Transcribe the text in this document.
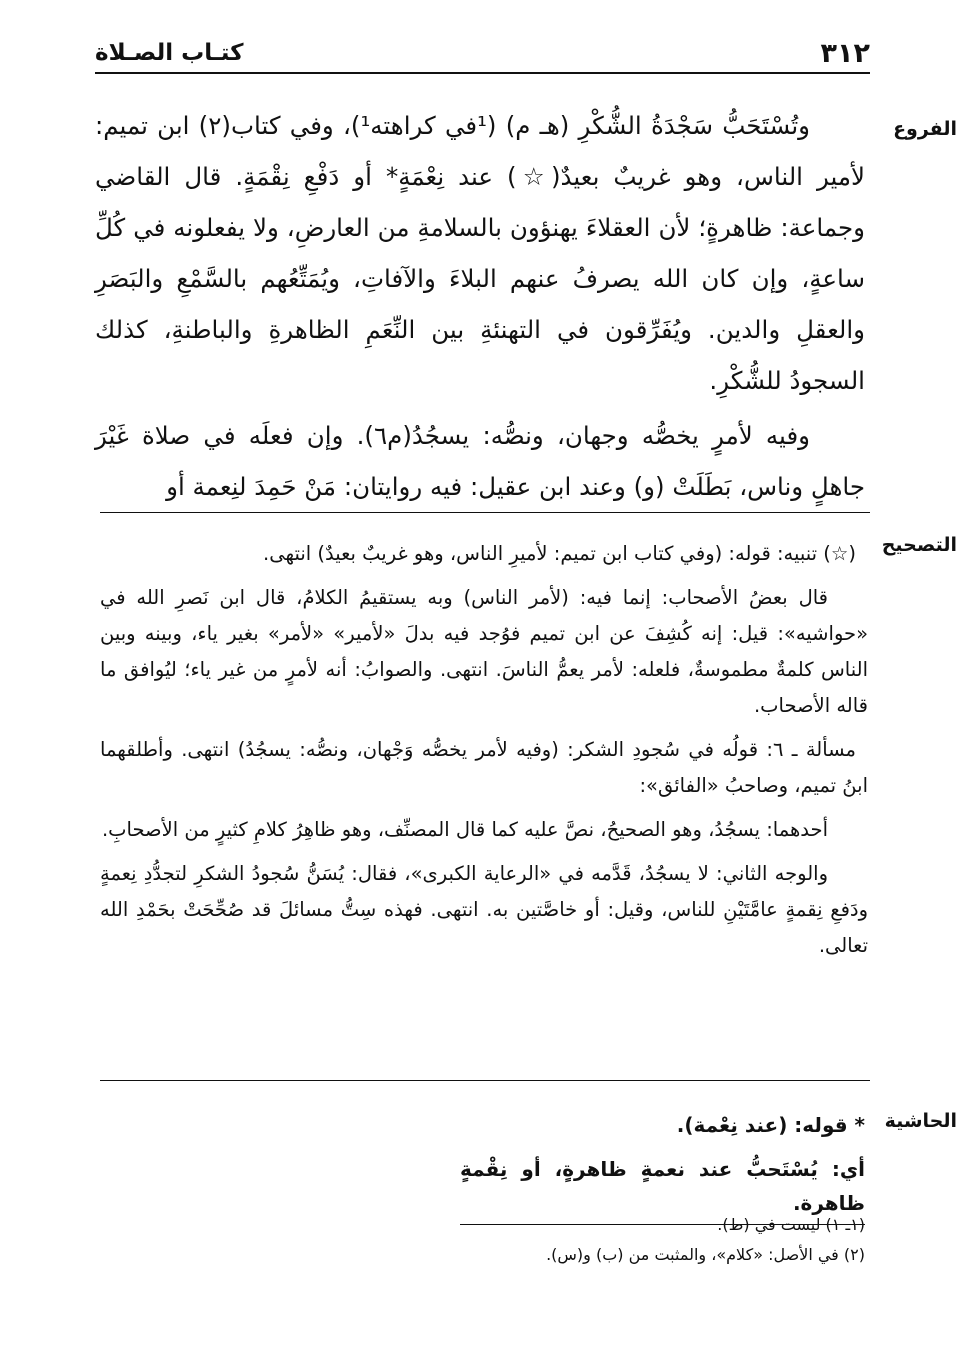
٣١٢
كتـاب الصـلاة
الفروع

وتُسْتَحَبُّ سَجْدَةُ الشُّكْرِ (هـ م) (¹في كراهته¹)، وفي كتاب(٢) ابن تميم: لأمير الناس، وهو غريبٌ بعيدٌ(☆) عند نِعْمَةٍ* أو دَفْعِ نِقْمَةٍ. قال القاضي وجماعة: ظاهرةٍ؛ لأن العقلاءَ يهنؤون بالسلامةِ من العارضِ، ولا يفعلونه في كُلِّ ساعةٍ، وإن كان الله يصرفُ عنهم البلاءَ والآفاتِ، ويُمَتِّعُهم بالسَّمْعِ والبَصَرِ والعقلِ والدين. ويُفَرِّقون في التهنئةِ بين النِّعَمِ الظاهرةِ والباطنةِ، كذلك السجودُ للشُّكْرِ.

وفيه لأمرٍ يخصُّه وجهان، ونصُّه: يسجُدُ(م٦). وإن فعلَه في صلاة غَيْرَ جاهلٍ وناس، بَطَلَتْ (و) وعند ابن عقيل: فيه روايتان: مَنْ حَمِدَ لنِعمة أو

التصحيح

(☆) تنبيه: قوله: (وفي كتاب ابن تميم: لأميرِ الناس، وهو غريبٌ بعيدٌ) انتهى.

قال بعضُ الأصحاب: إنما فيه: (لأمر الناس) وبه يستقيمُ الكلامُ، قال ابن نَصرِ الله في «حواشيه»: قيل: إنه كُشِفَ عن ابن تميم فوُجد فيه بدلَ «لأمير» «لأمر» بغير ياء، وبينه وبين الناس كلمةٌ مطموسةٌ، فلعله: لأمر يعمُّ الناسَ. انتهى. والصوابُ: أنه لأمرٍ من غير ياء؛ ليُوافق ما قاله الأصحاب.

مسألة ـ ٦: قولُه في سُجودِ الشكر: (وفيه لأمر يخصُّه وَجْهان، ونصُّه: يسجُدُ) انتهى. وأطلقهما ابنُ تميم، وصاحبُ «الفائق»:

أحدهما: يسجُدُ، وهو الصحيحُ، نصَّ عليه كما قال المصنِّف، وهو ظاهِرُ كلامِ كثيرٍ من الأصحابِ.

والوجه الثاني: لا يسجُدُ، قَدَّمه في «الرعاية الكبرى»، فقال: يُسَنُّ سُجودُ الشكرِ لتجدُّدِ نِعمةٍ ودَفعِ نِقمةٍ عامَّتَيْنِ للناس، وقيل: أو خاصَّتين به. انتهى. فهذه سِتُّ مسائلَ قد صُحِّحَتْ بحَمْدِ الله تعالى.

الحاشية

* قوله: (عند نِعْمة).

أي: يُسْتَحبُّ عند نعمةٍ ظاهرةٍ، أو نِقْمةٍ ظاهرة.

(١ـ ١) ليست في (ط).

(٢) في الأصل: «كلام»، والمثبت من (ب) و(س).
